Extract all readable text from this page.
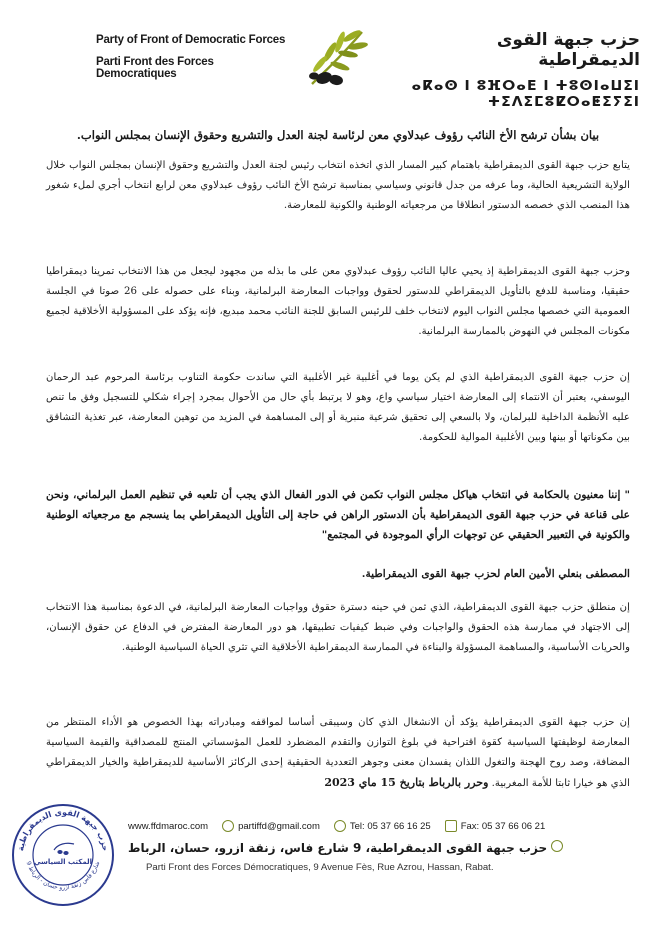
Party of Front of Democratic Forces
Parti Front des Forces Democratiques
حزب جبهة القوى الديمقراطية
ⴰⴽⴰⵙ ⵏ ⵓⴼⵔⴰⴹ ⵏ ⵜⵓⵙⵏⴰⵡⵉⵏ ⵜⵉⴷⵉⵎⵓⵇⵔⴰⵟⵉⵢⵉⵏ
بيان بشأن ترشح الأخ النائب رؤوف عبدلاوي معن لرئاسة لجنة العدل والتشريع وحقوق الإنسان بمجلس النواب.
يتابع حزب جبهة القوى الديمقراطية باهتمام كبير المسار الذي اتخذه انتخاب رئيس لجنة العدل والتشريع وحقوق الإنسان بمجلس النواب خلال الولاية التشريعية الحالية، وما عرفه من جدل قانوني وسياسي بمناسبة ترشح الأخ النائب رؤوف عبدلاوي معن لرابع انتخاب أجري لملء شغور هذا المنصب الذي خصصه الدستور انطلاقا من مرجعياته الوطنية والكونية للمعارضة.
وحزب جبهة القوى الديمقراطية إذ يحيي عاليا النائب رؤوف عبدلاوي معن على ما بذله من مجهود ليجعل من هذا الانتخاب تمرينا ديمقراطيا حقيقيا، ومناسبة للدفع بالتأويل الديمقراطي للدستور لحقوق وواجبات المعارضة البرلمانية، وبناء على حصوله على 26 صوتا في الجلسة العمومية التي خصصها مجلس النواب اليوم لانتخاب خلف للرئيس السابق للجنة النائب محمد مبديع، فإنه يؤكد على المسؤولية الأخلاقية لجميع مكونات المجلس في النهوض بالممارسة البرلمانية.
إن حزب جبهة القوى الديمقراطية الذي لم يكن يوما في أغلبية غير الأغلبية التي ساندت حكومة التناوب برئاسة المرحوم عبد الرحمان اليوسفي، يعتبر أن الانتماء إلى المعارضة اختيار سياسي واع، وهو لا يرتبط بأي حال من الأحوال بمجرد إجراء شكلي للتسجيل وفق ما تنص عليه الأنظمة الداخلية للبرلمان، ولا بالسعي إلى تحقيق شرعية منبرية أو إلى المساهمة في المزيد من توهين المعارضة، عبر تغذية التشاقق بين مكوناتها أو بينها وبين الأغلبية الموالية للحكومة.
" إننا معنيون بالحكامة في انتخاب هياكل مجلس النواب تكمن في الدور الفعال الذي يجب أن تلعبه في تنظيم العمل البرلماني، ونحن على قناعة في حزب جبهة القوى الديمقراطية بأن الدستور الراهن في حاجة إلى التأويل الديمقراطي بما ينسجم مع مرجعياته الوطنية والكونية في التعبير الحقيقي عن توجهات الرأي الموجودة في المجتمع"
المصطفى بنعلي الأمين العام لحزب جبهة القوى الديمقراطية.
إن منطلق حزب جبهة القوى الديمقراطية، الذي ثمن في حينه دسترة حقوق وواجبات المعارضة البرلمانية، في الدعوة بمناسبة هذا الانتخاب إلى الاجتهاد في ممارسة هذه الحقوق والواجبات وفي ضبط كيفيات تطبيقها، هو دور المعارضة المفترض في الدفاع عن حقوق الإنسان، والحريات الأساسية، والمساهمة المسؤولة والبناءة في الممارسة الديمقراطية الأخلاقية التي تثري الحياة السياسية الوطنية.
إن حزب جبهة القوى الديمقراطية يؤكد أن الانشغال الذي كان وسيبقى أساسا لمواقفه ومبادراته بهذا الخصوص هو الأداء المنتظر من المعارضة لوظيفتها السياسية كقوة اقتراحية في بلوغ التوازن والتقدم المضطرد للعمل المؤسساتي المنتج للمصداقية والقيمة السياسية المضافة، وصد روح الهجنة والتغول اللذان يفسدان معنى وجوهر التعددية الحقيقية إحدى الركائز الأساسية للديمقراطية والخيار الديمقراطي الذي هو خيارا ثابتا للأمة المغربية. وحرر بالرباط بتاريخ 15 ماي 2023
حزب جبهة القوى الديمقراطية
9 شارع فاس زنقة ازرو حسان - الرباط
المكتب السياسي
www.ffdmaroc.com	partiffd@gmail.com	Tel: 05 37 66 16 25	Fax: 05 37 66 06 21
حزب جبهة القوى الديمقراطية، 9 شارع فاس، زنقة ازرو، حسان، الرباط
Parti Front des Forces Démocratiques, 9 Avenue Fès, Rue Azrou, Hassan, Rabat.
